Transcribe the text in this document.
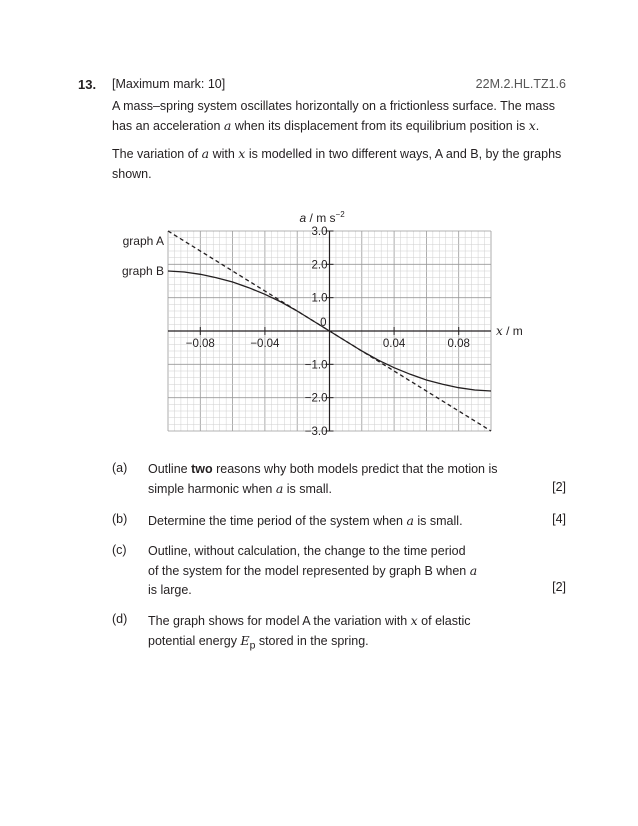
13. [Maximum mark: 10]	22M.2.HL.TZ1.6
A mass–spring system oscillates horizontally on a frictionless surface. The mass has an acceleration a when its displacement from its equilibrium position is x.
The variation of a with x is modelled in two different ways, A and B, by the graphs shown.
−0.08	−0.04	0.04	0.08
0
3.0
2.0
1.0
−1.0
−2.0
−3.0
a / m $s^{-2}$
x / m
graph A
graph B
(a) Outline two reasons why both models predict that the motion is simple harmonic when a is small.	[2]
(b) Determine the time period of the system when a is small.	[4]
(c) Outline, without calculation, the change to the time period of the system for the model represented by graph B when a is large.	[2]
(d) The graph shows for model A the variation with x of elastic potential energy $E_p$ stored in the spring.
